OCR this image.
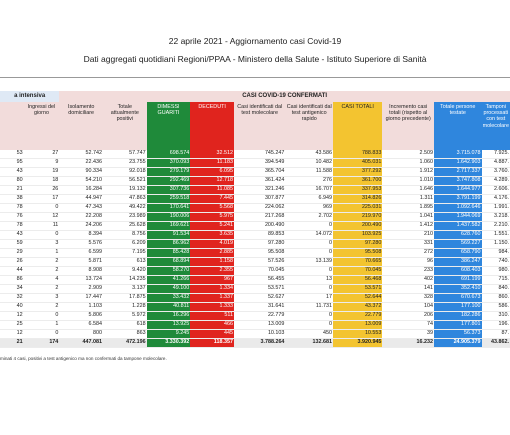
22 aprile 2021 - Aggiornamento casi Covid-19
Dati aggregati quotidiani Regioni/PPAA - Ministero della Salute - Istituto Superiore di Sanità
a intensiva		CASI COVID-19 CONFERMATI									
	Ingressi del giorno	Isolamento domiciliare	Totale attualmente positivi	DIMESSI GUARITI	DECEDUTI	Casi identificati dal test molecolare	Casi identificati dal test antigenico rapido	CASI TOTALI	Incremento casi totali (rispetto al giorno precedente)	Totale persone testate	Tamponi processati con test molecolare
53	27	52.742	57.747	698.574	32.512	745.247	43.586	788.833	2.509	3.715.078	7.925.
95	9	22.436	23.755	370.093	11.183	394.549	10.482	405.031	1.060	1.642.903	4.887.
43	19	90.334	92.018	279.179	6.095	365.704	11.588	377.292	1.912	2.717.337	3.760.
80	18	54.210	56.521	292.469	12.718	361.424	276	361.700	1.010	3.747.808	4.289.
21	26	16.284	19.132	307.736	11.085	321.246	16.707	337.953	1.646	1.644.977	2.606.
38	17	44.947	47.863	259.518	7.445	307.877	6.949	314.826	1.311	3.791.199	4.176.
78	0	47.343	49.422	170.641	5.568	224.062	969	225.031	1.895	1.092.646	1.991.
76	12	22.208	23.989	190.006	5.975	217.268	2.702	219.970	1.041	1.944.069	3.218.
78	11	24.206	25.628	169.621	5.241	200.490	0	200.490	1.412	1.437.582	2.210.
43	0	8.394	8.756	91.534	3.635	89.853	14.072	103.925	210	628.760	1.551.
59	3	5.576	6.209	86.962	4.019	97.280	0	97.280	331	569.227	1.150.
29	1	6.599	7.195	85.428	2.885	95.508	0	95.508	272	658.790	984.
26	2	5.871	613	68.894	1.158	57.526	13.139	70.665	96	386.247	740.
44	2	8.908	9.420	58.270	2.355	70.045	0	70.045	233	608.403	980.
86	4	13.724	14.235	41.266	967	56.455	13	56.468	402	691.199	715.
34	2	2.909	3.137	49.100	1.334	53.571	0	53.571	141	352.410	840.
32	3	17.447	17.875	33.432	1.337	52.627	17	52.644	328	670.673	860.
40	2	1.103	1.228	40.811	1.333	31.641	11.731	43.372	104	177.100	586.
12	0	5.806	5.972	16.296	511	22.779	0	22.779	206	182.286	310.
25	1	6.584	618	13.925	466	13.009	0	13.009	74	177.801	196.
12	0	800	863	9.245	445	10.103	450	10.553	39	56.373	87.
21	174	447.081	472.196	3.330.392	118.357	3.788.264	132.681	3.920.945	16.232	24.905.379	43.862.
minati 4 casi, positivi a test antigenico ma non confermati da tampone molecolare.
